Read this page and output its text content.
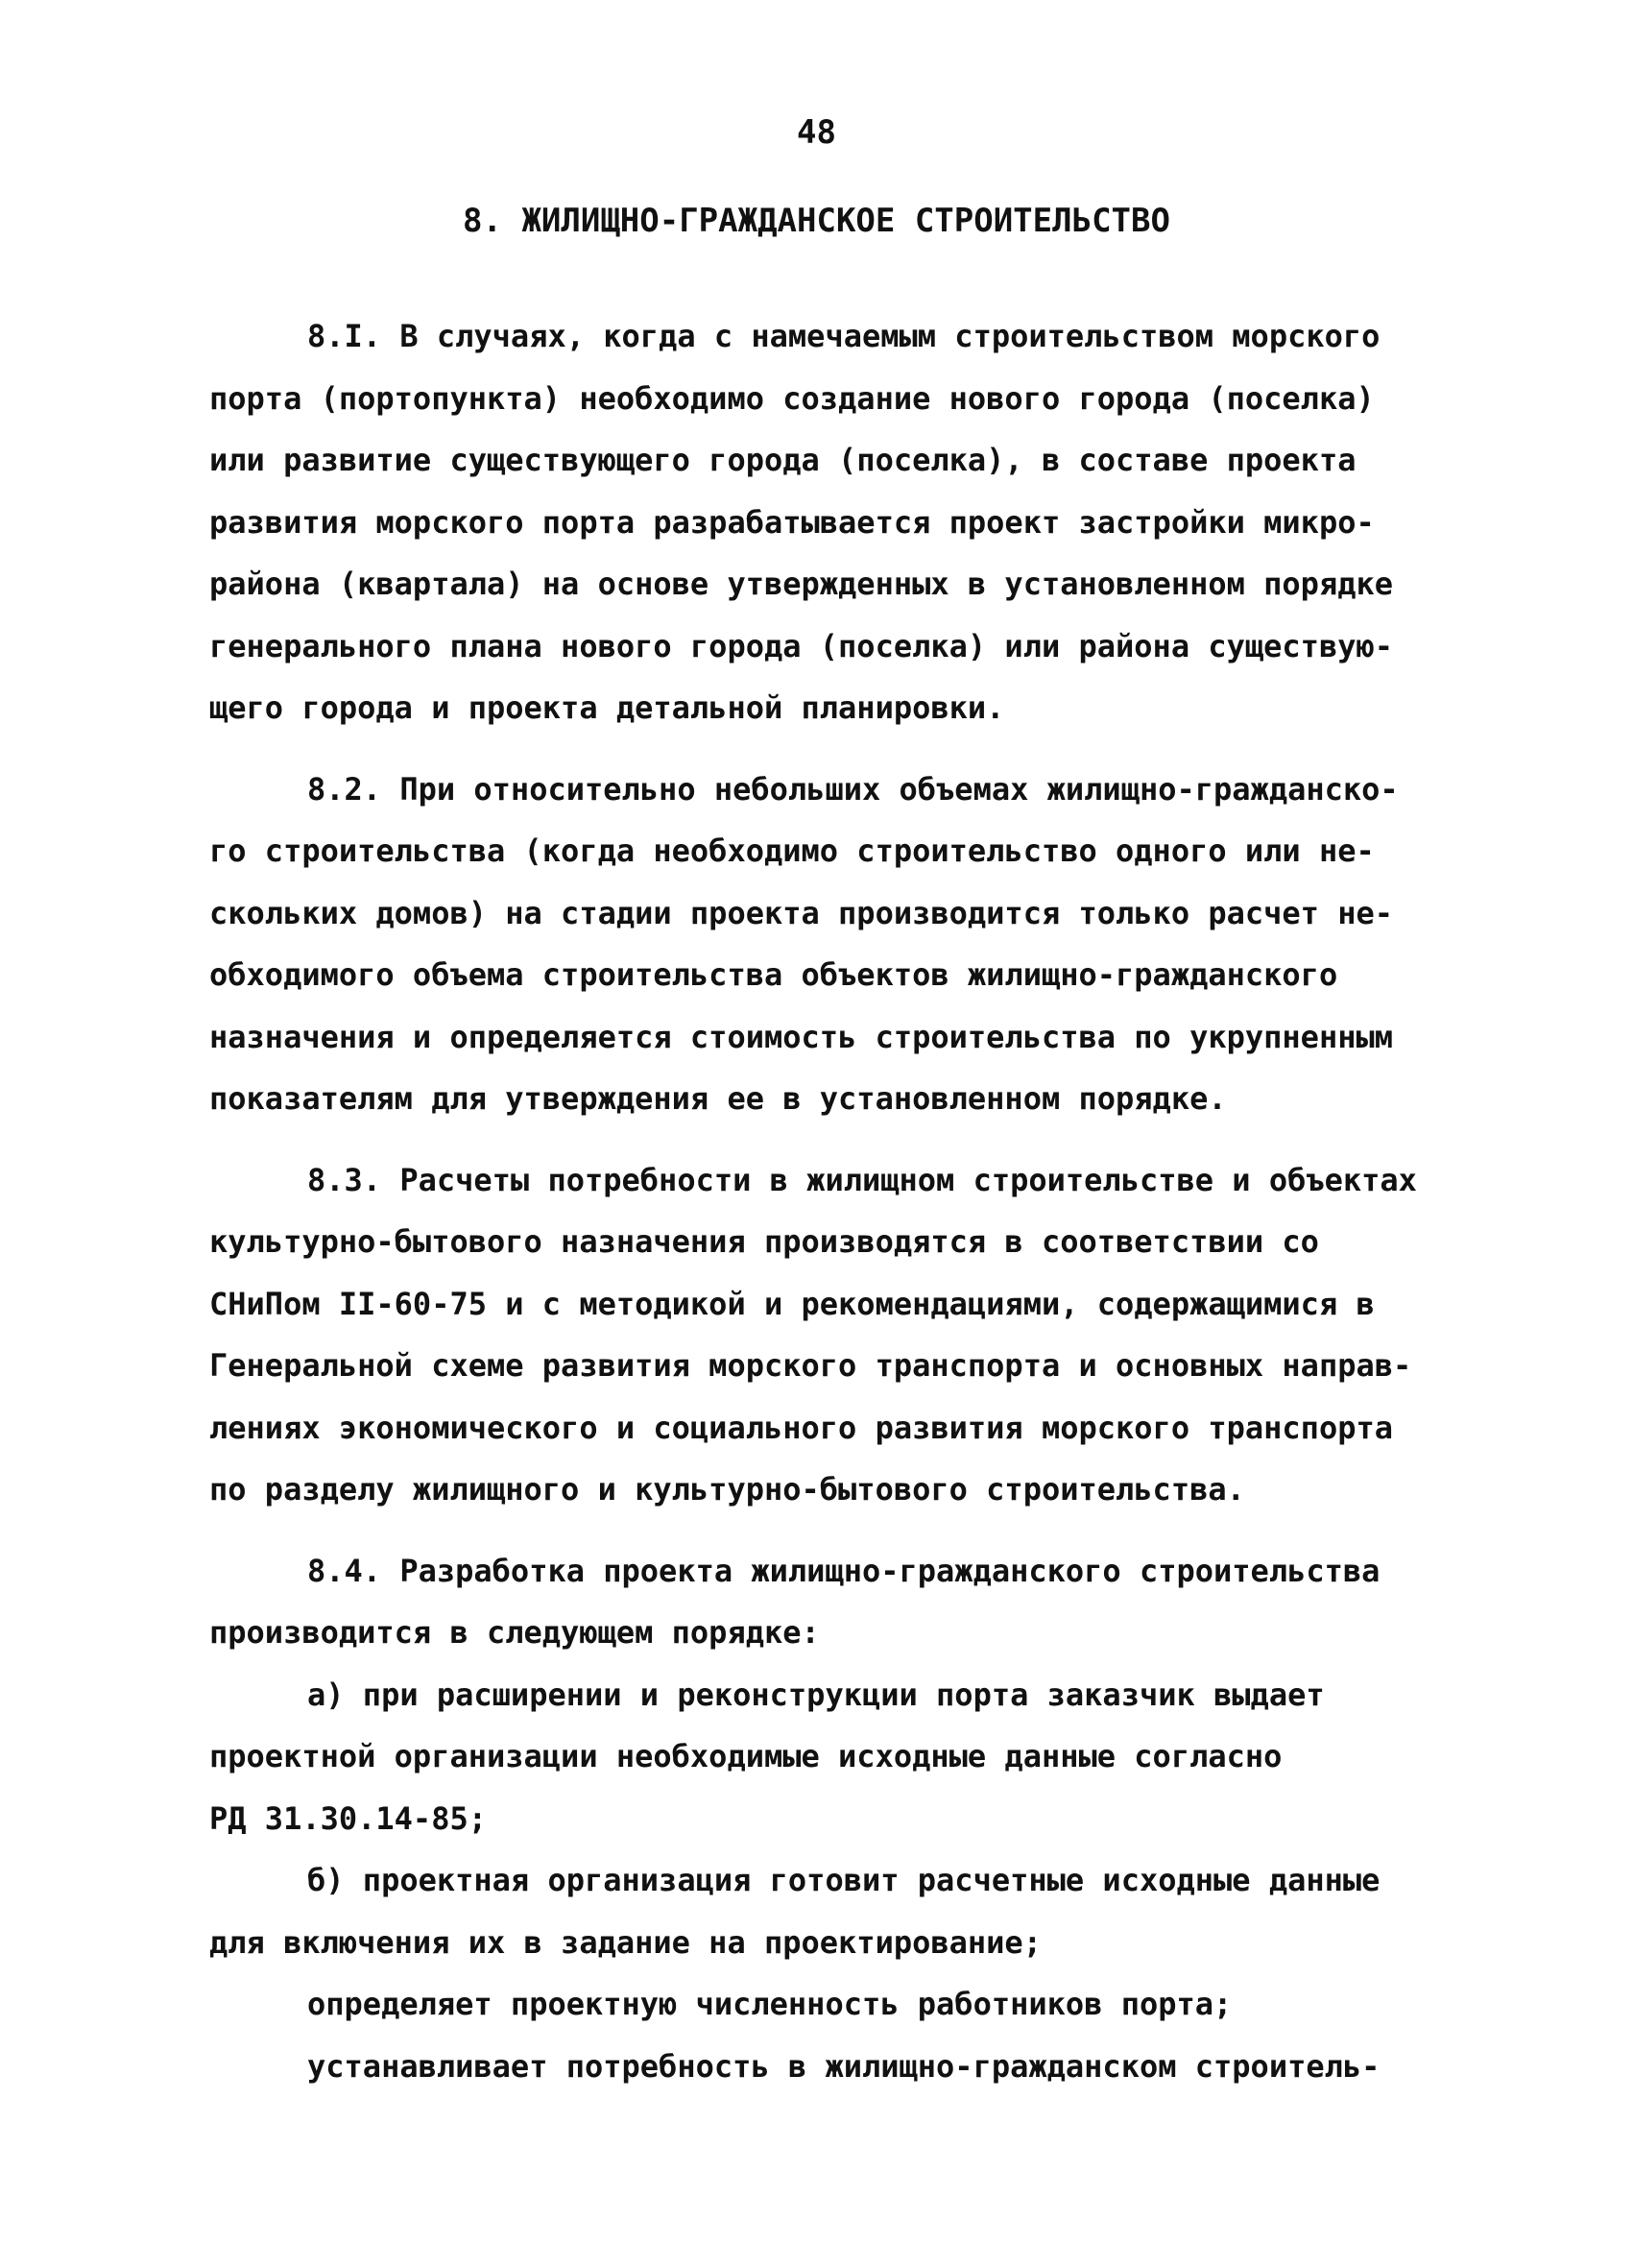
48
8. ЖИЛИЩНО-ГРАЖДАНСКОЕ СТРОИТЕЛЬСТВО
8.I. В случаях, когда с намечаемым строительством морского
порта (портопункта) необходимо создание нового города (поселка)
или развитие существующего города (поселка), в составе проекта
развития морского порта разрабатывается проект застройки микро-
района (квартала) на основе утвержденных в установленном порядке
генерального плана нового города (поселка) или района существую-
щего города и проекта детальной планировки.
8.2. При относительно небольших объемах жилищно-гражданско-
го строительства (когда необходимо строительство одного или не-
скольких домов) на стадии проекта производится только расчет не-
обходимого объема строительства объектов жилищно-гражданского
назначения и определяется стоимость строительства по укрупненным
показателям для утверждения ее в установленном порядке.
8.3. Расчеты потребности в жилищном строительстве и объектах
культурно-бытового назначения производятся в соответствии со
СНиПом II-60-75 и с методикой и рекомендациями, содержащимися в
Генеральной схеме развития морского транспорта и основных направ-
лениях экономического и социального развития морского транспорта
по разделу жилищного и культурно-бытового строительства.
8.4. Разработка проекта жилищно-гражданского строительства
производится в следующем порядке:
а) при расширении и реконструкции порта заказчик выдает
проектной организации необходимые исходные данные согласно
РД 31.30.14-85;
б) проектная организация готовит расчетные исходные данные
для включения их в задание на проектирование;
определяет проектную численность работников порта;
устанавливает потребность в жилищно-гражданском строитель-
